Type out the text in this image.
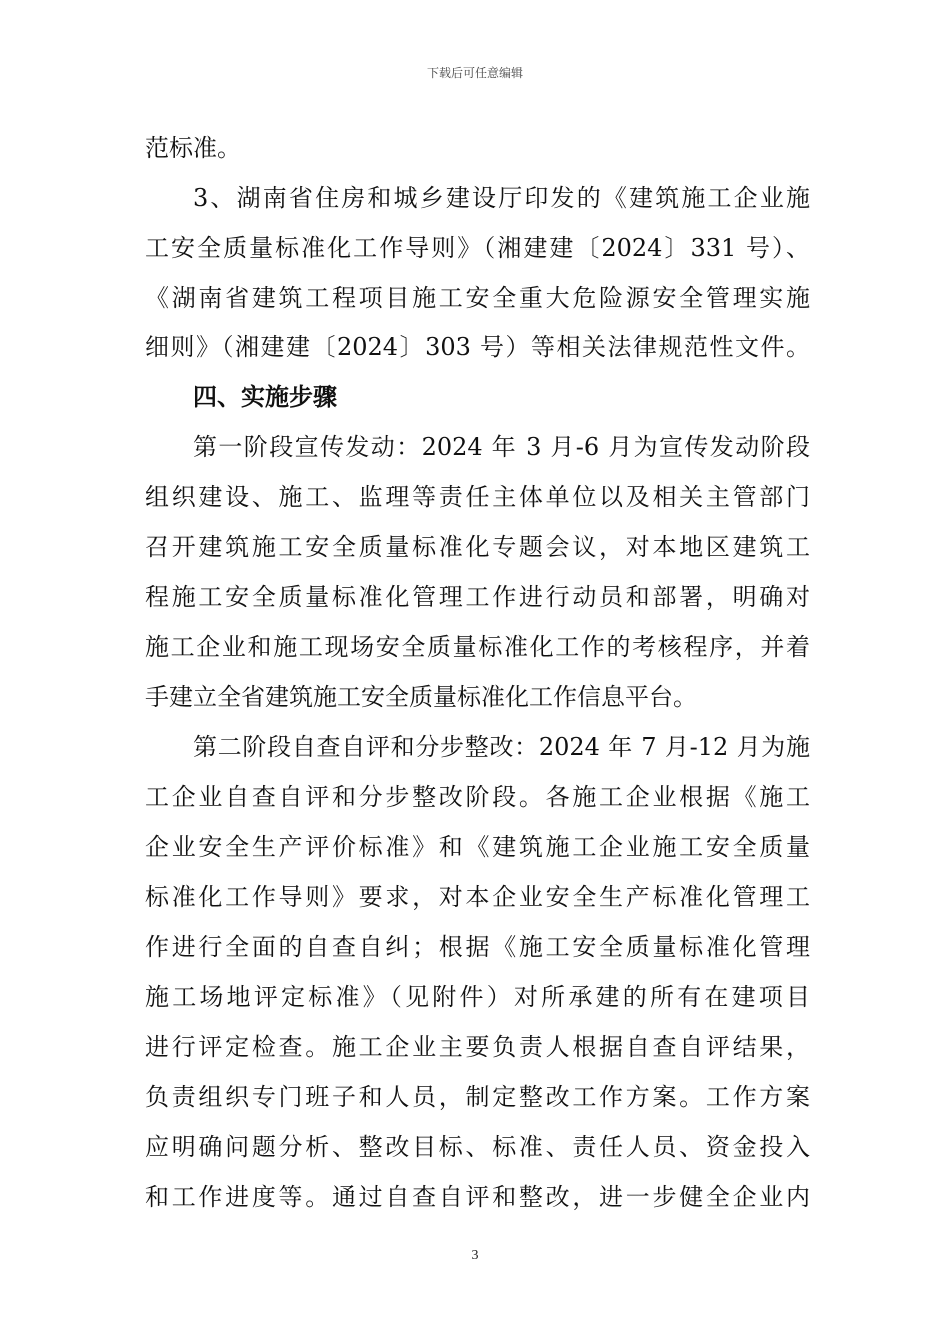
下载后可任意编辑
范标准。
3、湖南省住房和城乡建设厅印发的《建筑施工企业施
工安全质量标准化工作导则》（湘建建〔2024〕331 号）、
《湖南省建筑工程项目施工安全重大危险源安全管理实施
细则》（湘建建〔2024〕303 号）等相关法律规范性文件。
四、实施步骤
第一阶段宣传发动：2024 年 3 月-6 月为宣传发动阶段
组织建设、施工、监理等责任主体单位以及相关主管部门
召开建筑施工安全质量标准化专题会议，对本地区建筑工
程施工安全质量标准化管理工作进行动员和部署，明确对
施工企业和施工现场安全质量标准化工作的考核程序，并着
手建立全省建筑施工安全质量标准化工作信息平台。
第二阶段自查自评和分步整改：2024 年 7 月-12 月为施
工企业自查自评和分步整改阶段。各施工企业根据《施工
企业安全生产评价标准》和《建筑施工企业施工安全质量
标准化工作导则》要求，对本企业安全生产标准化管理工
作进行全面的自查自纠；根据《施工安全质量标准化管理
施工场地评定标准》（见附件）对所承建的所有在建项目
进行评定检查。施工企业主要负责人根据自查自评结果，
负责组织专门班子和人员，制定整改工作方案。工作方案
应明确问题分析、整改目标、标准、责任人员、资金投入
和工作进度等。通过自查自评和整改，进一步健全企业内
3
